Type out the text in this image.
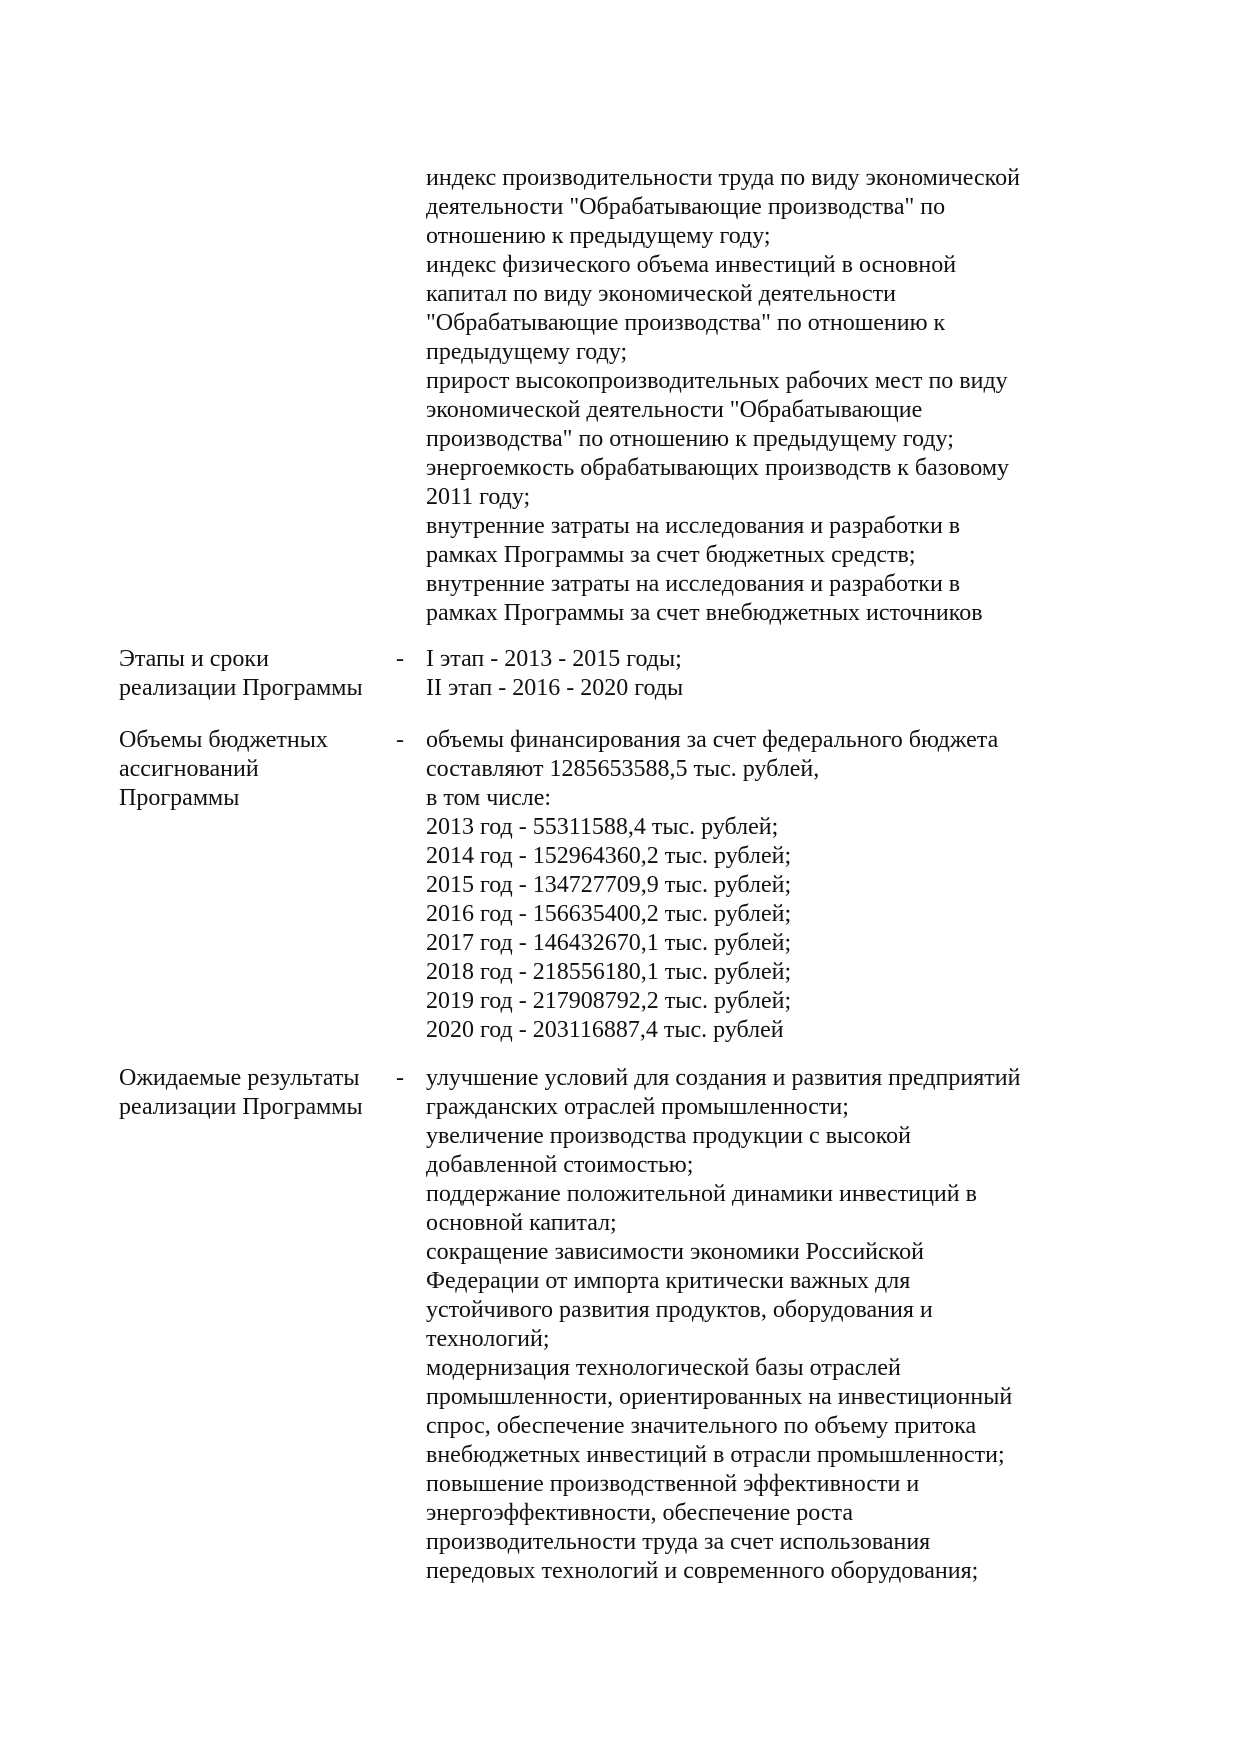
индекс производительности труда по виду экономической
деятельности "Обрабатывающие производства" по
отношению к предыдущему году;
индекс физического объема инвестиций в основной
капитал по виду экономической деятельности
"Обрабатывающие производства" по отношению к
предыдущему году;
прирост высокопроизводительных рабочих мест по виду
экономической деятельности "Обрабатывающие
производства" по отношению к предыдущему году;
энергоемкость обрабатывающих производств к базовому
2011 году;
внутренние затраты на исследования и разработки в
рамках Программы за счет бюджетных средств;
внутренние затраты на исследования и разработки в
рамках Программы за счет внебюджетных источников
Этапы и сроки
реализации Программы
- I этап - 2013 - 2015 годы;
II этап - 2016 - 2020 годы
Объемы бюджетных
ассигнований
Программы
- объемы финансирования за счет федерального бюджета
составляют 1285653588,5 тыс. рублей,
в том числе:
2013 год - 55311588,4 тыс. рублей;
2014 год - 152964360,2 тыс. рублей;
2015 год - 134727709,9 тыс. рублей;
2016 год - 156635400,2 тыс. рублей;
2017 год - 146432670,1 тыс. рублей;
2018 год - 218556180,1 тыс. рублей;
2019 год - 217908792,2 тыс. рублей;
2020 год - 203116887,4 тыс. рублей
Ожидаемые результаты
реализации Программы
- улучшение условий для создания и развития предприятий
гражданских отраслей промышленности;
увеличение производства продукции с высокой
добавленной стоимостью;
поддержание положительной динамики инвестиций в
основной капитал;
сокращение зависимости экономики Российской
Федерации от импорта критически важных для
устойчивого развития продуктов, оборудования и
технологий;
модернизация технологической базы отраслей
промышленности, ориентированных на инвестиционный
спрос, обеспечение значительного по объему притока
внебюджетных инвестиций в отрасли промышленности;
повышение производственной эффективности и
энергоэффективности, обеспечение роста
производительности труда за счет использования
передовых технологий и современного оборудования;
